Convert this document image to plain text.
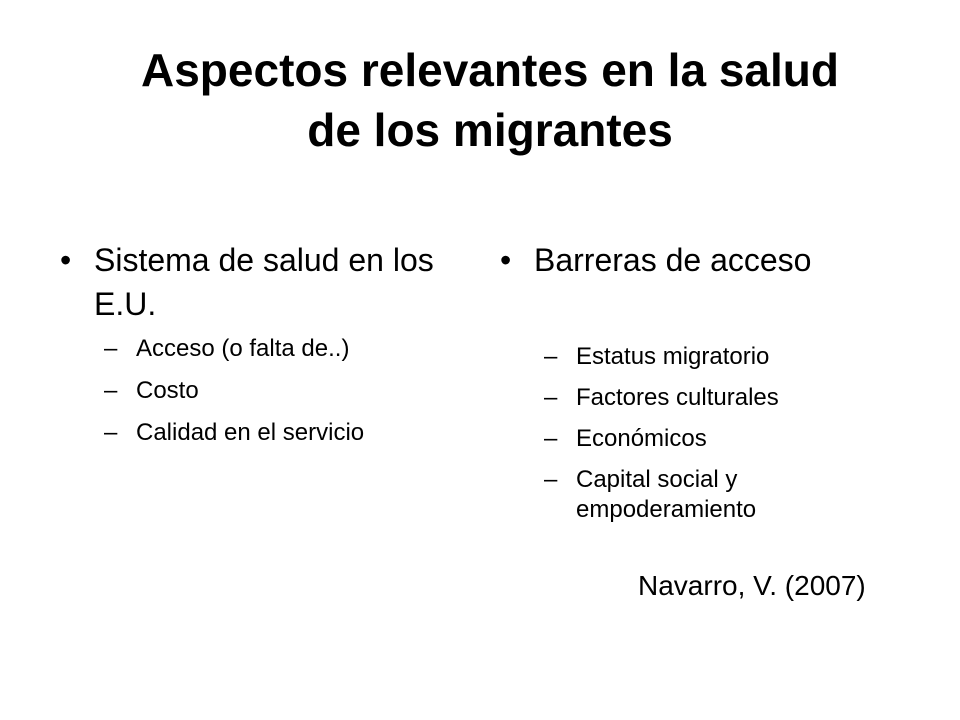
Aspectos relevantes en la salud
de los migrantes

• Sistema de salud en los E.U.

– Acceso (o falta de..)
– Costo
– Calidad en el servicio

• Barreras de acceso

– Estatus migratorio
– Factores culturales
– Económicos
– Capital social y empoderamiento
Navarro, V. (2007)
